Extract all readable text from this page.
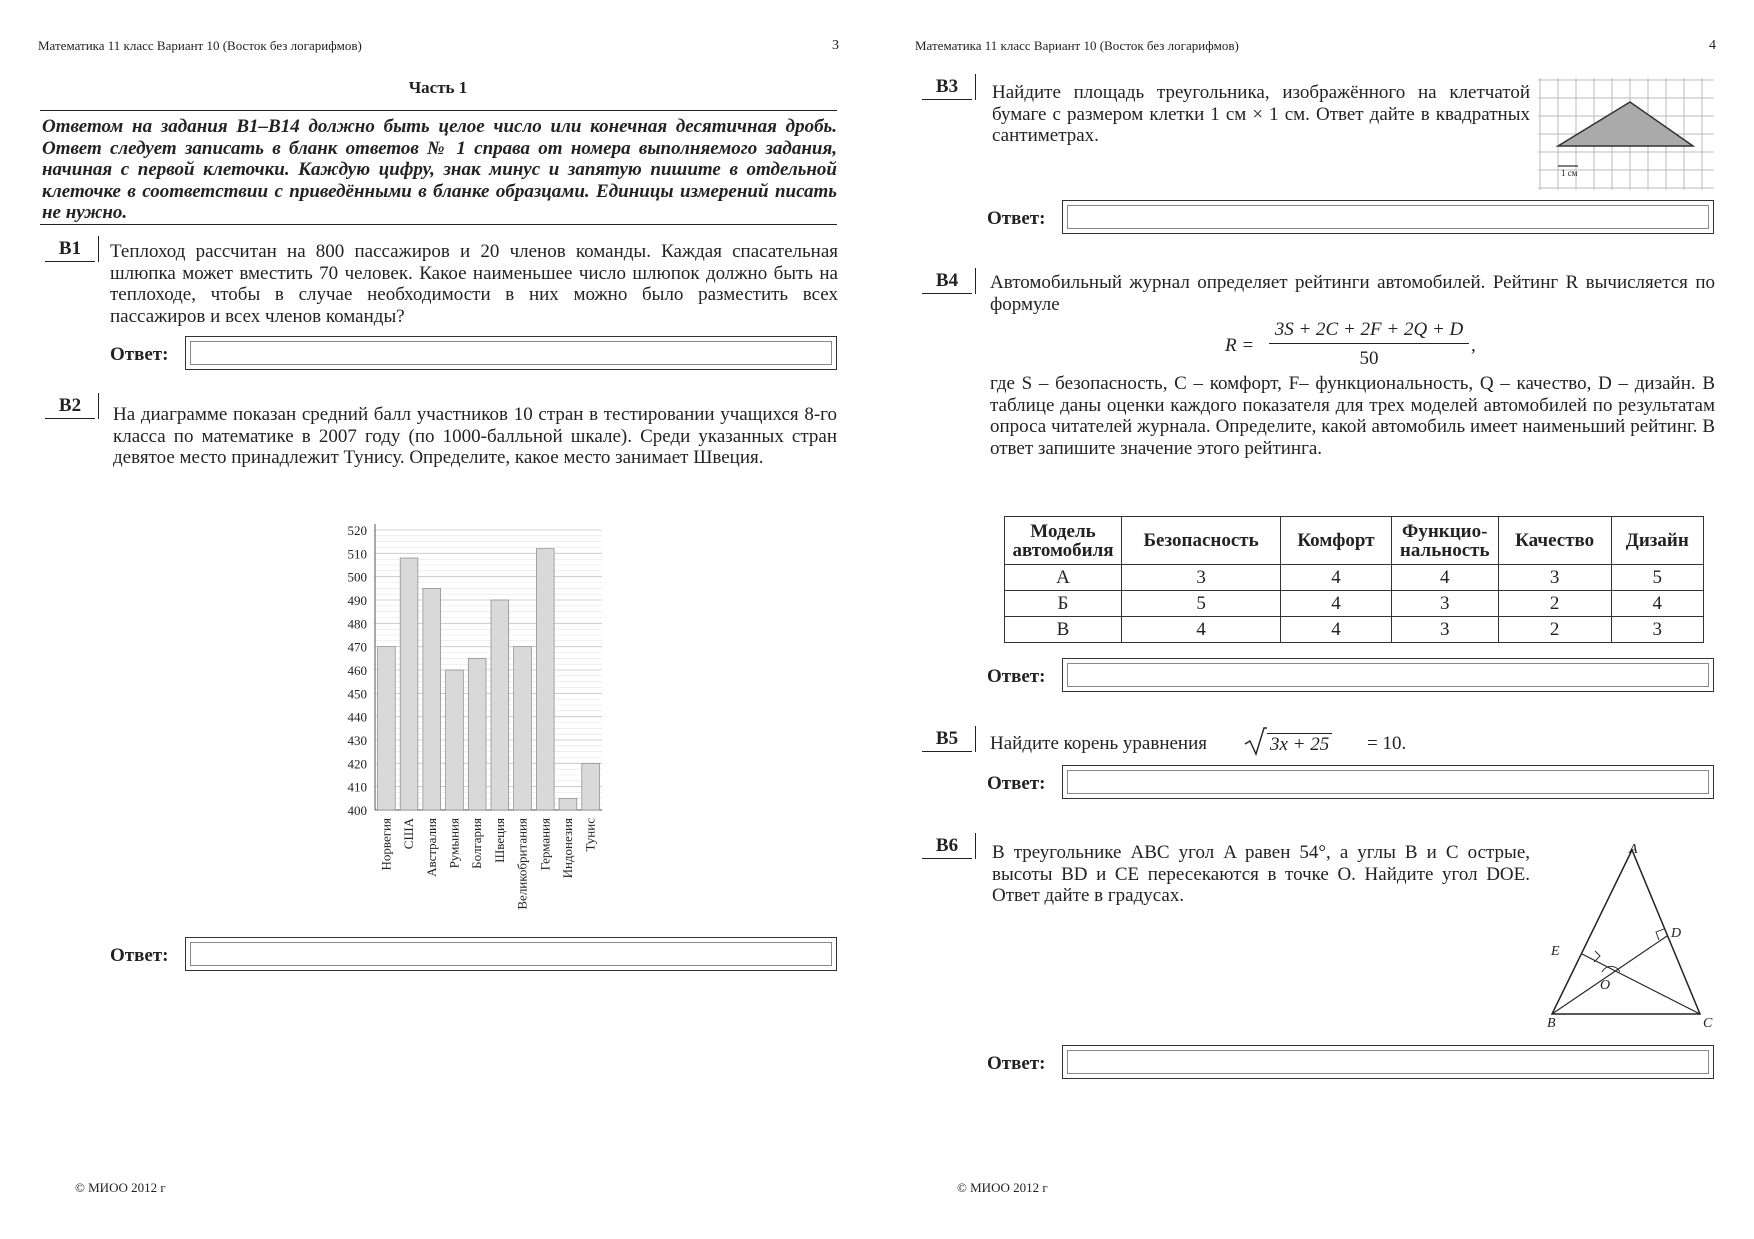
Математика 11 класс Вариант 10 (Восток без логарифмов)	3
Часть 1
Ответом на задания B1–B14 должно быть целое число или конечная десятичная дробь. Ответ следует записать в бланк ответов № 1 справа от номера выполняемого задания, начиная с первой клеточки. Каждую цифру, знак минус и запятую пишите в отдельной клеточке в соответствии с приведёнными в бланке образцами. Единицы измерений писать не нужно.
B1	Теплоход рассчитан на 800 пассажиров и 20 членов команды. Каждая спасательная шлюпка может вместить 70 человек. Какое наименьшее число шлюпок должно быть на теплоходе, чтобы в случае необходимости в них можно было разместить всех пассажиров и всех членов команды?
Ответ:
B2	На диаграмме показан средний балл участников 10 стран в тестировании учащихся 8-го класса по математике в 2007 году (по 1000-балльной шкале). Среди указанных стран девятое место принадлежит Тунису. Определите, какое место занимает Швеция.
400
410
420
430
440
450
460
470
480
490
500
510
520
Норвегия США Австралия Румыния Болгария Швеция Великобритания Германия Индонезия Тунис
Ответ:
© МИОО 2012 г
Математика 11 класс Вариант 10 (Восток без логарифмов)	4
B3	Найдите площадь треугольника, изображённого на клетчатой бумаге с размером клетки 1 см × 1 см. Ответ дайте в квадратных сантиметрах.
1 см
Ответ:
B4	Автомобильный журнал определяет рейтинги автомобилей. Рейтинг R вычисляется по формуле
R =
3S + 2C + 2F + 2Q + D
50
,
где S – безопасность, C – комфорт, F– функциональность, Q – качество, D – дизайн. В таблице даны оценки каждого показателя для трех моделей автомобилей по результатам опроса читателей журнала. Определите, какой автомобиль имеет наименьший рейтинг. В ответ запишите значение этого рейтинга.
Модель автомобиля	Безопасность	Комфорт	Функцио-нальность	Качество	Дизайн
А	3	4	4	3	5
Б	5	4	3	2	4
В	4	4	3	2	3
Ответ:
B5	Найдите корень уравнения	3x + 25 = 10.
Ответ:
B6	В треугольнике ABC угол A равен 54°, а углы B и C острые, высоты BD и CE пересекаются в точке O. Найдите угол DOE. Ответ дайте в градусах.
A
B	C
D
E
O
Ответ:
© МИОО 2012 г
